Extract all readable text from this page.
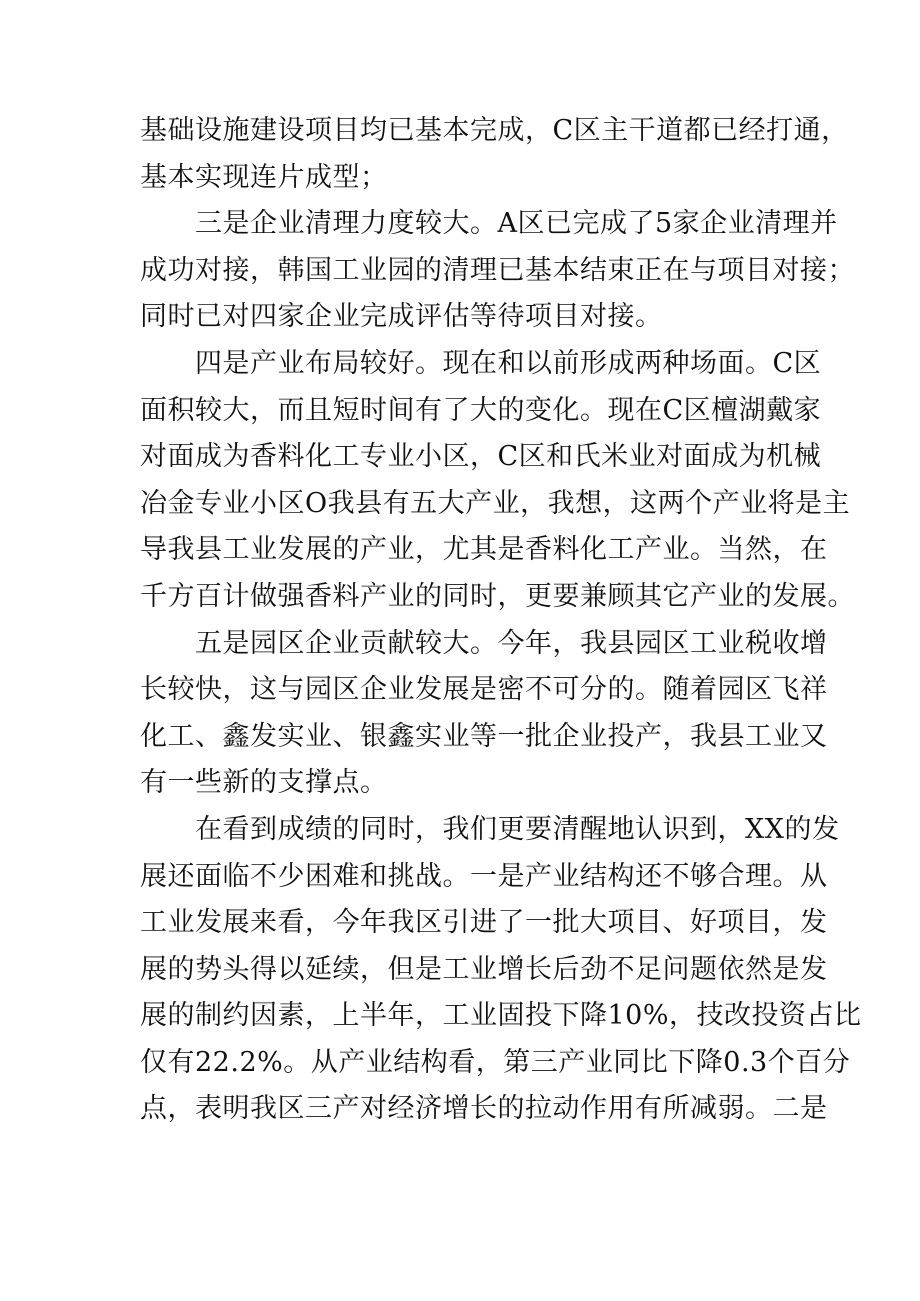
基础设施建设项目均已基本完成，C区主干道都已经打通，
基本实现连片成型；
三是企业清理力度较大。A区已完成了5家企业清理并
成功对接，韩国工业园的清理已基本结束正在与项目对接；
同时已对四家企业完成评估等待项目对接。
四是产业布局较好。现在和以前形成两种场面。C区
面积较大，而且短时间有了大的变化。现在C区檀湖戴家
对面成为香料化工专业小区，C区和氏米业对面成为机械
冶金专业小区O我县有五大产业，我想，这两个产业将是主
导我县工业发展的产业，尤其是香料化工产业。当然，在
千方百计做强香料产业的同时，更要兼顾其它产业的发展。
五是园区企业贡献较大。今年，我县园区工业税收增
长较快，这与园区企业发展是密不可分的。随着园区飞祥
化工、鑫发实业、银鑫实业等一批企业投产，我县工业又
有一些新的支撑点。
在看到成绩的同时，我们更要清醒地认识到，XX的发
展还面临不少困难和挑战。一是产业结构还不够合理。从
工业发展来看，今年我区引进了一批大项目、好项目，发
展的势头得以延续，但是工业增长后劲不足问题依然是发
展的制约因素，上半年，工业固投下降10%，技改投资占比
仅有22.2%。从产业结构看，第三产业同比下降0.3个百分
点，表明我区三产对经济增长的拉动作用有所减弱。二是
